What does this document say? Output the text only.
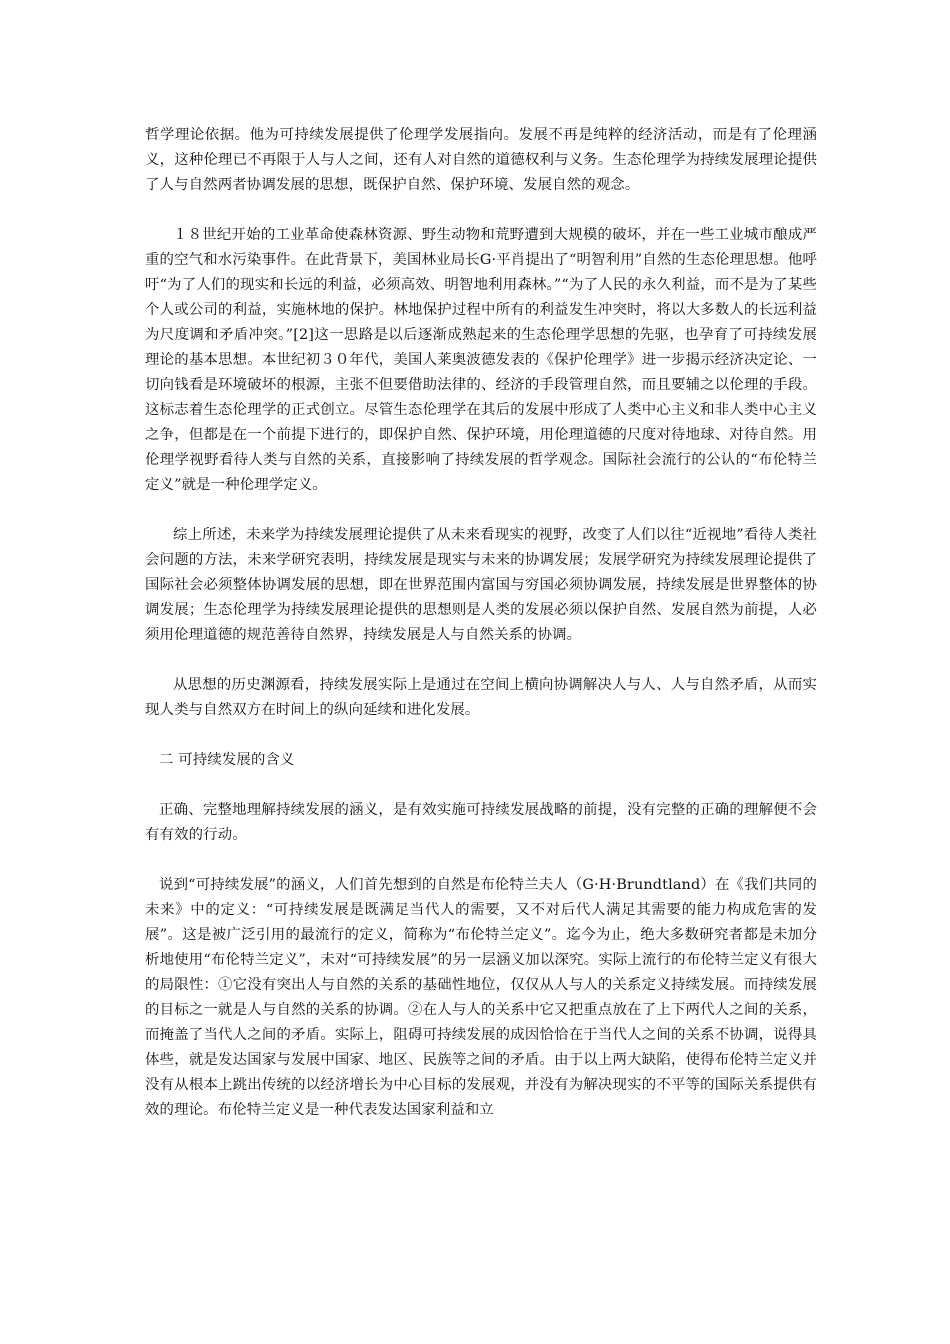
哲学理论依据。他为可持续发展提供了伦理学发展指向。发展不再是纯粹的经济活动，而是有了伦理涵义，这种伦理已不再限于人与人之间，还有人对自然的道德权利与义务。生态伦理学为持续发展理论提供了人与自然两者协调发展的思想，既保护自然、保护环境、发展自然的观念。

１８世纪开始的工业革命使森林资源、野生动物和荒野遭到大规模的破坏，并在一些工业城市酿成严重的空气和水污染事件。在此背景下，美国林业局长G·平肖提出了“明智利用”自然的生态伦理思想。他呼吁“为了人们的现实和长远的利益，必须高效、明智地利用森林。”“为了人民的永久利益，而不是为了某些个人或公司的利益，实施林地的保护。林地保护过程中所有的利益发生冲突时，将以大多数人的长远利益为尺度调和矛盾冲突。”[2]这一思路是以后逐渐成熟起来的生态伦理学思想的先驱，也孕育了可持续发展理论的基本思想。本世纪初３０年代，美国人莱奥波德发表的《保护伦理学》进一步揭示经济决定论、一切向钱看是环境破坏的根源，主张不但要借助法律的、经济的手段管理自然，而且要辅之以伦理的手段。这标志着生态伦理学的正式创立。尽管生态伦理学在其后的发展中形成了人类中心主义和非人类中心主义之争，但都是在一个前提下进行的，即保护自然、保护环境，用伦理道德的尺度对待地球、对待自然。用伦理学视野看待人类与自然的关系，直接影响了持续发展的哲学观念。国际社会流行的公认的“布伦特兰定义”就是一种伦理学定义。

综上所述，未来学为持续发展理论提供了从未来看现实的视野，改变了人们以往“近视地”看待人类社会问题的方法，未来学研究表明，持续发展是现实与未来的协调发展；发展学研究为持续发展理论提供了国际社会必须整体协调发展的思想，即在世界范围内富国与穷国必须协调发展，持续发展是世界整体的协调发展；生态伦理学为持续发展理论提供的思想则是人类的发展必须以保护自然、发展自然为前提，人必须用伦理道德的规范善待自然界，持续发展是人与自然关系的协调。

从思想的历史渊源看，持续发展实际上是通过在空间上横向协调解决人与人、人与自然矛盾，从而实现人类与自然双方在时间上的纵向延续和进化发展。

二 可持续发展的含义

正确、完整地理解持续发展的涵义，是有效实施可持续发展战略的前提，没有完整的正确的理解便不会有有效的行动。

说到“可持续发展”的涵义，人们首先想到的自然是布伦特兰夫人（G·H·Brundtland）在《我们共同的未来》中的定义：“可持续发展是既满足当代人的需要，又不对后代人满足其需要的能力构成危害的发展”。这是被广泛引用的最流行的定义，简称为“布伦特兰定义”。迄今为止，绝大多数研究者都是未加分析地使用“布伦特兰定义”，未对“可持续发展”的另一层涵义加以深究。实际上流行的布伦特兰定义有很大的局限性：①它没有突出人与自然的关系的基础性地位，仅仅从人与人的关系定义持续发展。而持续发展的目标之一就是人与自然的关系的协调。②在人与人的关系中它又把重点放在了上下两代人之间的关系，而掩盖了当代人之间的矛盾。实际上，阻碍可持续发展的成因恰恰在于当代人之间的关系不协调，说得具体些，就是发达国家与发展中国家、地区、民族等之间的矛盾。由于以上两大缺陷，使得布伦特兰定义并没有从根本上跳出传统的以经济增长为中心目标的发展观，并没有为解决现实的不平等的国际关系提供有效的理论。布伦特兰定义是一种代表发达国家利益和立
